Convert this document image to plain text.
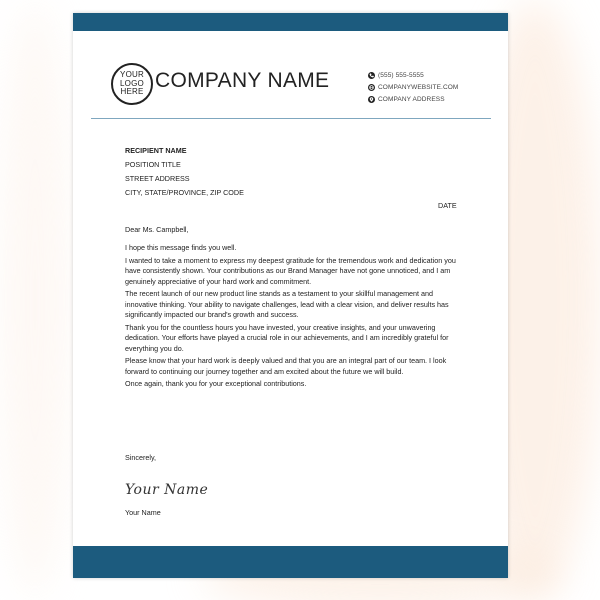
YOUR
LOGO
HERE COMPANY NAME	(555) 555-5555
COMPANYWEBSITE.COM
COMPANY ADDRESS
RECIPIENT NAME
POSITION TITLE
STREET ADDRESS
CITY, STATE/PROVINCE, ZIP CODE
DATE

Dear Ms. Campbell,

I hope this message finds you well.

I wanted to take a moment to express my deepest gratitude for the tremendous work and dedication you have consistently shown. Your contributions as our Brand Manager have not gone unnoticed, and I am genuinely appreciative of your hard work and commitment.

The recent launch of our new product line stands as a testament to your skillful management and innovative thinking. Your ability to navigate challenges, lead with a clear vision, and deliver results has significantly impacted our brand's growth and success.

Thank you for the countless hours you have invested, your creative insights, and your unwavering dedication. Your efforts have played a crucial role in our achievements, and I am incredibly grateful for everything you do.

Please know that your hard work is deeply valued and that you are an integral part of our team. I look forward to continuing our journey together and am excited about the future we will build.

Once again, thank you for your exceptional contributions.

Sincerely,
Your Name
Your Name
